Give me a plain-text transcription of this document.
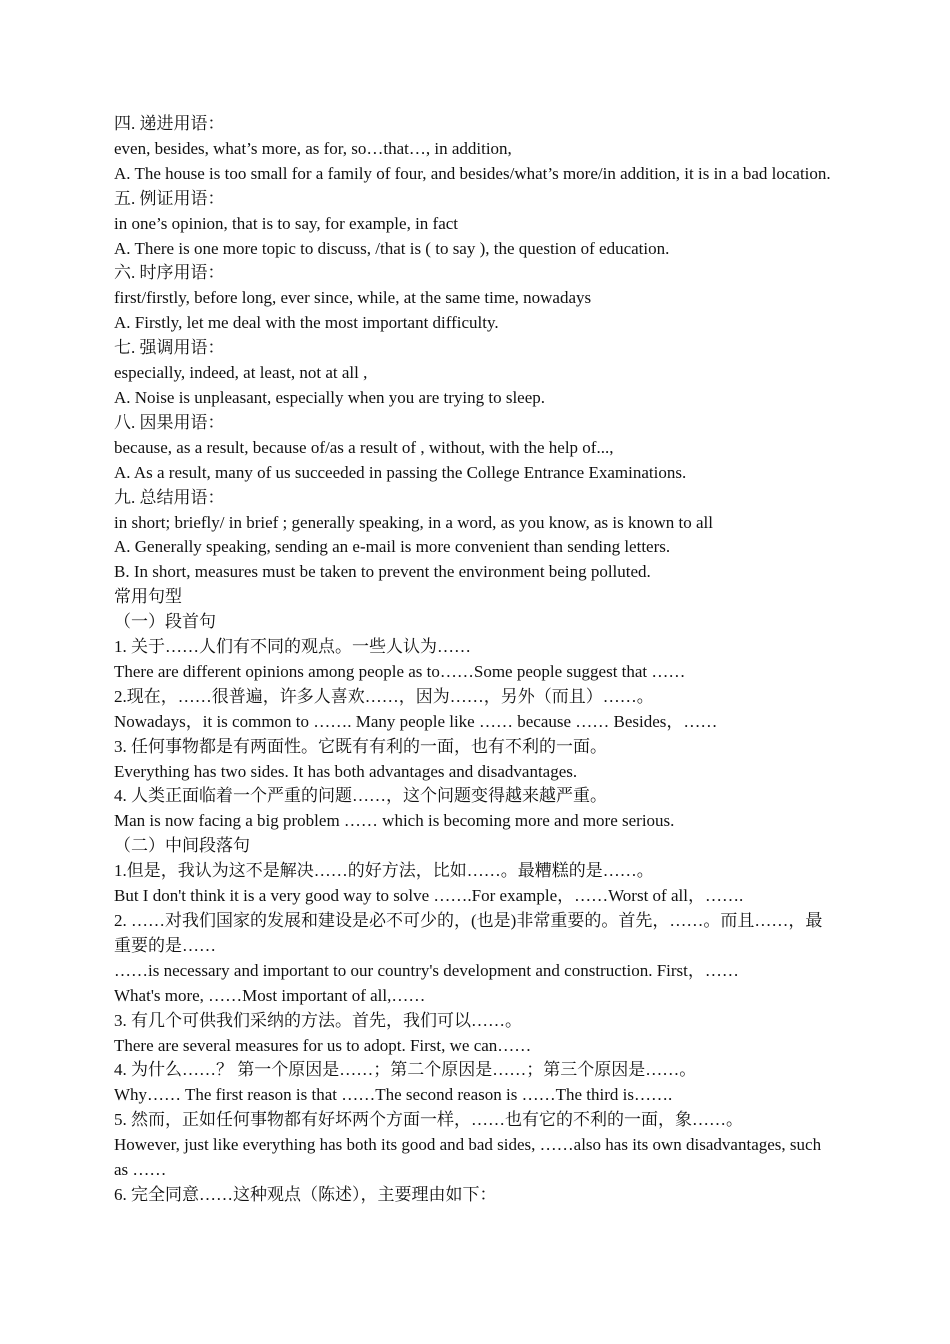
四. 递进用语：
even, besides, what’s more, as for, so…that…, in addition,
A. The house is too small for a family of four, and besides/what’s more/in addition, it is in a bad location.
五. 例证用语：
in one’s opinion, that is to say, for example, in fact
A. There is one more topic to discuss, /that is ( to say ), the question of education.
六. 时序用语：
first/firstly, before long, ever since, while, at the same time, nowadays
A. Firstly, let me deal with the most important difficulty.
七. 强调用语：
especially, indeed, at least, not at all ,
A. Noise is unpleasant, especially when you are trying to sleep.
八. 因果用语：
because, as a result, because of/as a result of , without, with the help of...,
A. As a result, many of us succeeded in passing the College Entrance Examinations.
九. 总结用语：
in short; briefly/ in brief ; generally speaking, in a word, as you know, as is known to all
A. Generally speaking, sending an e-mail is more convenient than sending letters.
B. In short, measures must be taken to prevent the environment being polluted.
常用句型
（一）段首句
1. 关于……人们有不同的观点。一些人认为……
There are different opinions among people as to……Some people suggest that ……
2.现在，……很普遍，许多人喜欢……，因为……，另外（而且）……。
Nowadays，it is common to ……. Many people like …… because …… Besides，……
3. 任何事物都是有两面性。它既有有利的一面，也有不利的一面。
Everything has two sides. It has both advantages and disadvantages.
4. 人类正面临着一个严重的问题……，这个问题变得越来越严重。
Man is now facing a big problem …… which is becoming more and more serious.
（二）中间段落句
1.但是，我认为这不是解决……的好方法，比如……。最糟糕的是……。
But I don't think it is a very good way to solve …….For example，……Worst of all，…….
2. ……对我们国家的发展和建设是必不可少的，(也是)非常重要的。首先，……。而且……，最重要的是……
……is necessary and important to our country's development and construction. First，……
What's more, ……Most important of all,……
3. 有几个可供我们采纳的方法。首先，我们可以……。
There are several measures for us to adopt. First, we can……
4. 为什么……？ 第一个原因是……；第二个原因是……；第三个原因是……。
Why…… The first reason is that ……The second reason is ……The third is…….
5. 然而，正如任何事物都有好坏两个方面一样，……也有它的不利的一面，象……。
However, just like everything has both its good and bad sides, ……also has its own disadvantages, such as ……
6. 完全同意……这种观点（陈述），主要理由如下：
